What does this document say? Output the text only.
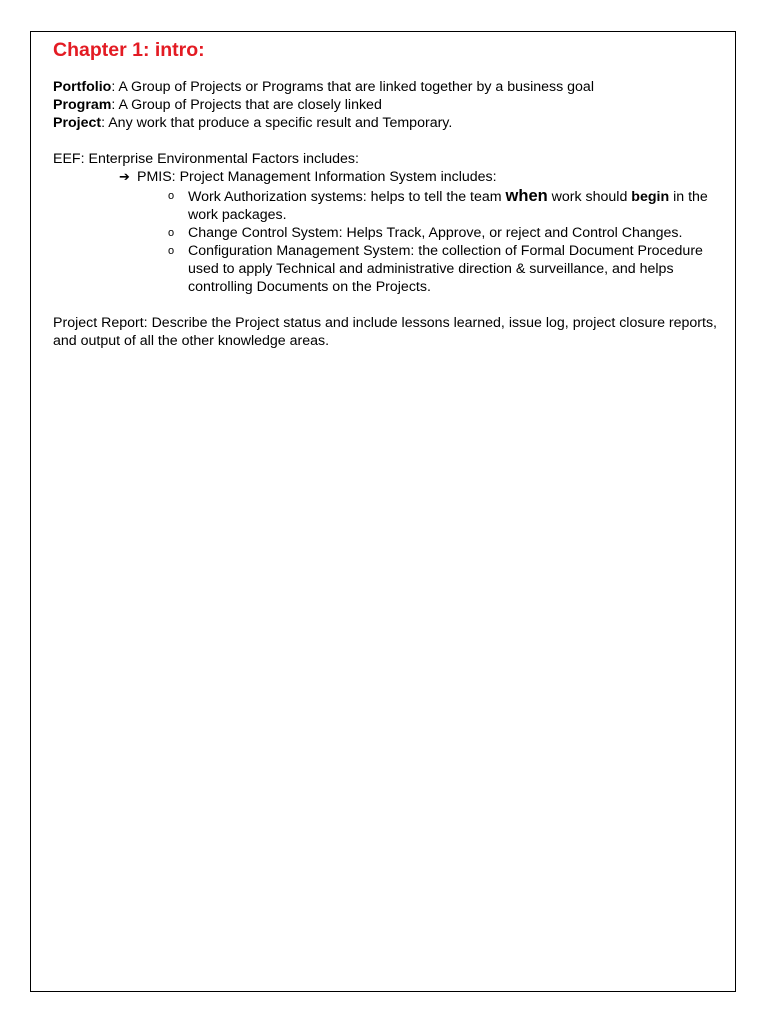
Chapter 1: intro:

Portfolio: A Group of Projects or Programs that are linked together by a business goal

Program: A Group of Projects that are closely linked

Project: Any work that produce a specific result and Temporary.

EEF: Enterprise Environmental Factors includes:

➔ PMIS: Project Management Information System includes:

o Work Authorization systems: helps to tell the team when work should begin in the work packages.
o Change Control System: Helps Track, Approve, or reject and Control Changes.
o Configuration Management System: the collection of Formal Document Procedure used to apply Technical and administrative direction & surveillance, and helps controlling Documents on the Projects.

Project Report: Describe the Project status and include lessons learned, issue log, project closure reports, and output of all the other knowledge areas.
